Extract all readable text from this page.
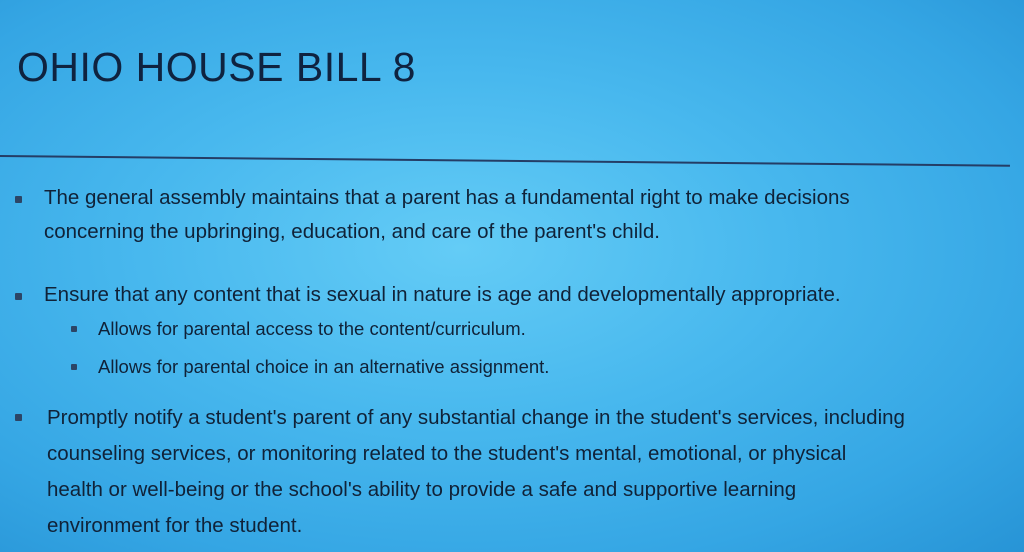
OHIO HOUSE BILL 8
The general assembly maintains that a parent has a fundamental right to make decisions
concerning the upbringing, education, and care of the parent's child.
Ensure that any content that is sexual in nature is age and developmentally appropriate.
Allows for parental access to the content/curriculum.
Allows for parental choice in an alternative assignment.
Promptly notify a student's parent of any substantial change in the student's services, including
counseling services, or monitoring related to the student's mental, emotional, or physical
health or well-being or the school's ability to provide a safe and supportive learning
environment for the student.
